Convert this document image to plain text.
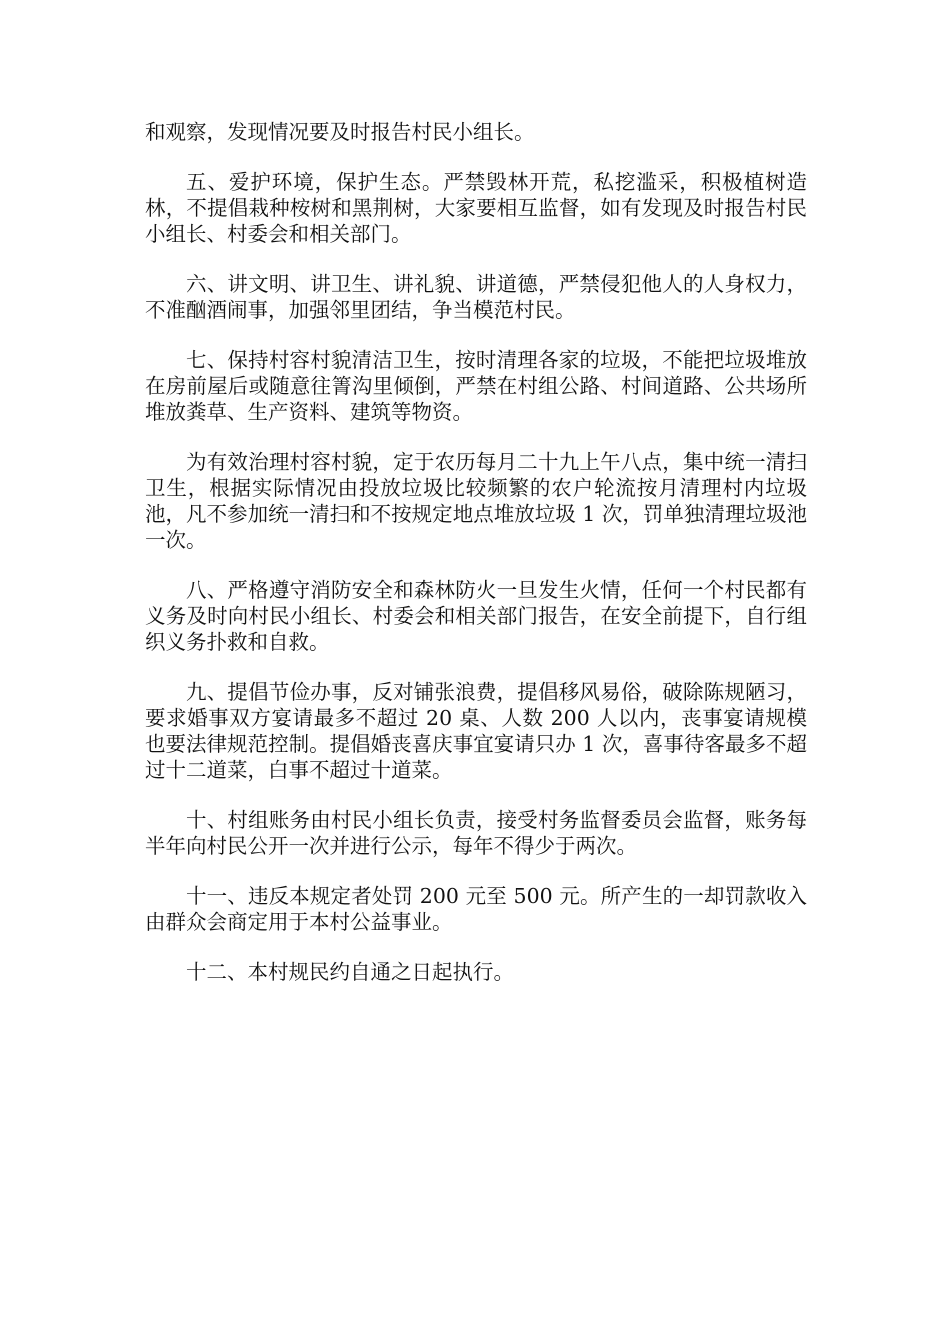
和观察，发现情况要及时报告村民小组长。

五、爱护环境，保护生态。严禁毁林开荒，私挖滥采，积极植树造林，不提倡栽种桉树和黑荆树，大家要相互监督，如有发现及时报告村民小组长、村委会和相关部门。

六、讲文明、讲卫生、讲礼貌、讲道德，严禁侵犯他人的人身权力，不准酗酒闹事，加强邻里团结，争当模范村民。

七、保持村容村貌清洁卫生，按时清理各家的垃圾，不能把垃圾堆放在房前屋后或随意往箐沟里倾倒，严禁在村组公路、村间道路、公共场所堆放粪草、生产资料、建筑等物资。

为有效治理村容村貌，定于农历每月二十九上午八点，集中统一清扫卫生，根据实际情况由投放垃圾比较频繁的农户轮流按月清理村内垃圾池，凡不参加统一清扫和不按规定地点堆放垃圾 1 次，罚单独清理垃圾池一次。

八、严格遵守消防安全和森林防火一旦发生火情，任何一个村民都有义务及时向村民小组长、村委会和相关部门报告，在安全前提下，自行组织义务扑救和自救。

九、提倡节俭办事，反对铺张浪费，提倡移风易俗，破除陈规陋习，要求婚事双方宴请最多不超过 20 桌、人数 200 人以内，丧事宴请规模也要法律规范控制。提倡婚丧喜庆事宜宴请只办 1 次，喜事待客最多不超过十二道菜，白事不超过十道菜。

十、村组账务由村民小组长负责，接受村务监督委员会监督，账务每半年向村民公开一次并进行公示，每年不得少于两次。

十一、违反本规定者处罚 200 元至 500 元。所产生的一却罚款收入由群众会商定用于本村公益事业。

十二、本村规民约自通之日起执行。
